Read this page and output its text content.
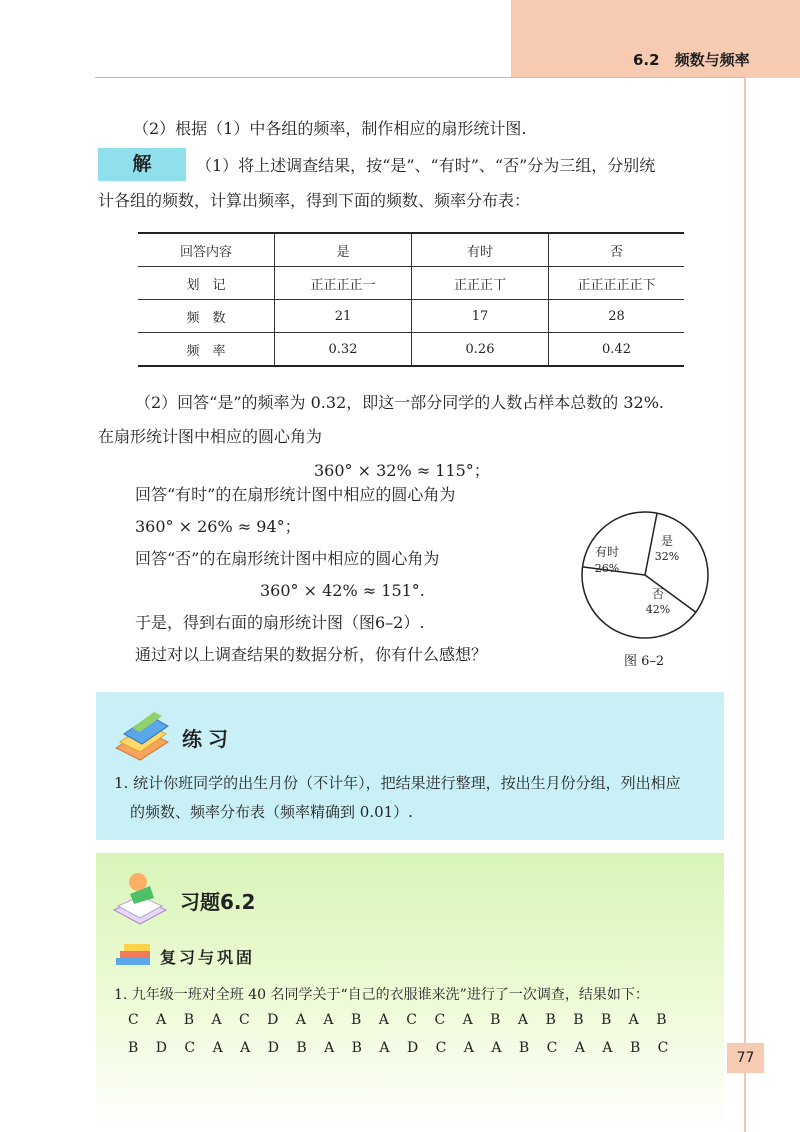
6.2　频数与频率
（2）根据（1）中各组的频率，制作相应的扇形统计图.
解	（1）将上述调查结果，按“是”、“有时”、“否”分为三组，分别统
计各组的频数，计算出频率，得到下面的频数、频率分布表：
回答内容	是	有时	否
划　记	正正正正一	正正正丅	正正正正正下
频　数	21	17	28
频　率	0.32	0.26	0.42
（2）回答“是”的频率为 0.32，即这一部分同学的人数占样本总数的 32%.
在扇形统计图中相应的圆心角为
360° × 32% ≈ 115°；
回答“有时”的在扇形统计图中相应的圆心角为
360° × 26% ≈ 94°；
回答“否”的在扇形统计图中相应的圆心角为
360° × 42% ≈ 151°.
于是，得到右面的扇形统计图（图6–2）.
通过对以上调查结果的数据分析，你有什么感想？
是
32%
有时
26%
否
42%
图 6–2
练习
1. 统计你班同学的出生月份（不计年），把结果进行整理，按出生月份分组，列出相应
的频数、频率分布表（频率精确到 0.01）.
习题6.2
复习与巩固
1. 九年级一班对全班 40 名同学关于“自己的衣服谁来洗”进行了一次调查，结果如下：
C A B A C D A A B A C C A B A B B B A B
B D C A A D B A B A D C A A B C A A B C
77
